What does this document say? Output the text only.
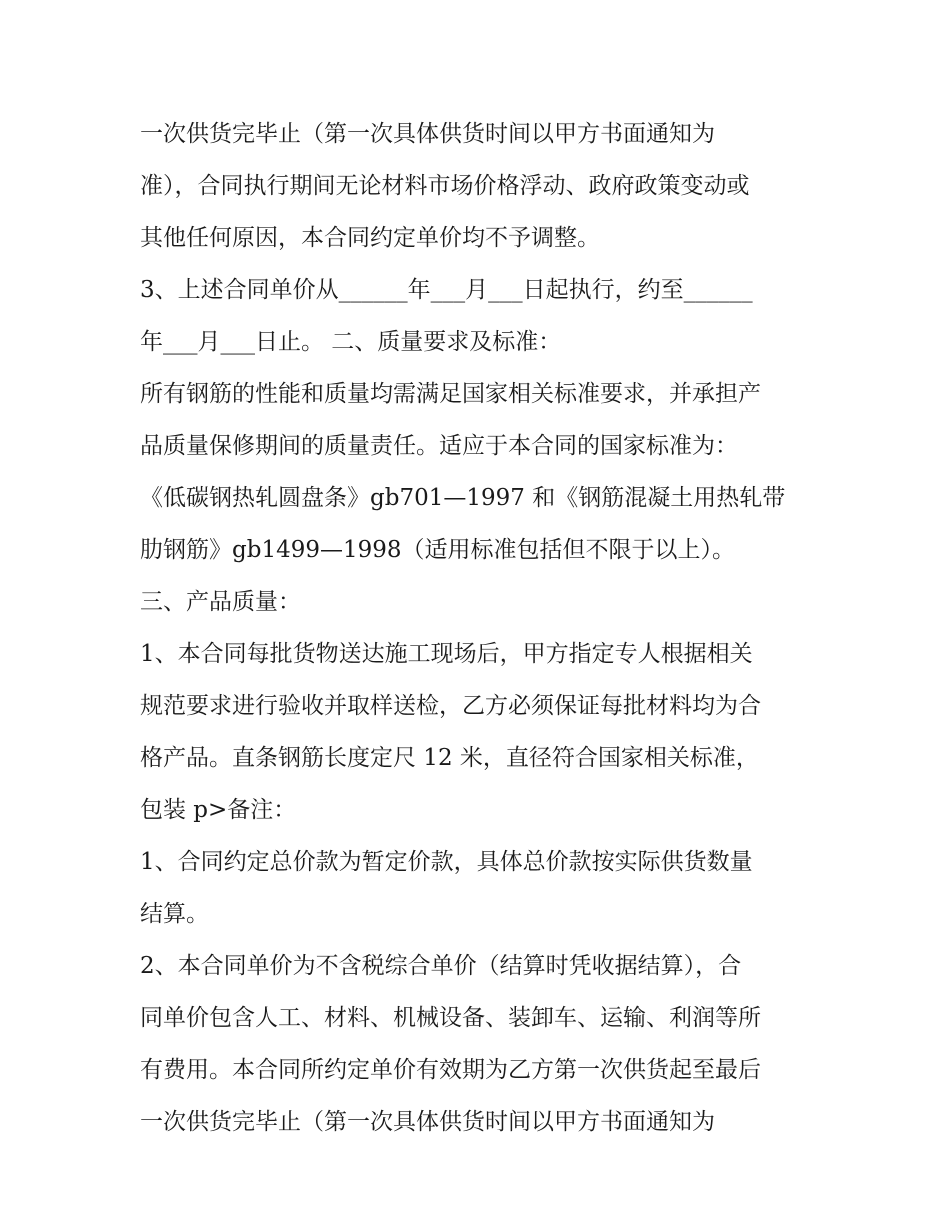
一次供货完毕止（第一次具体供货时间以甲方书面通知为
准），合同执行期间无论材料市场价格浮动、政府政策变动或
其他任何原因，本合同约定单价均不予调整。
3、上述合同单价从______年___月___日起执行，约至______
年___月___日止。 二、质量要求及标准：
所有钢筋的性能和质量均需满足国家相关标准要求，并承担产
品质量保修期间的质量责任。适应于本合同的国家标准为：
《低碳钢热轧圆盘条》gb701—1997 和《钢筋混凝土用热轧带
肋钢筋》gb1499—1998（适用标准包括但不限于以上）。
三、产品质量：
1、本合同每批货物送达施工现场后，甲方指定专人根据相关
规范要求进行验收并取样送检，乙方必须保证每批材料均为合
格产品。直条钢筋长度定尺 12 米，直径符合国家相关标准，
包装 p>备注：
1、合同约定总价款为暂定价款，具体总价款按实际供货数量
结算。
2、本合同单价为不含税综合单价（结算时凭收据结算），合
同单价包含人工、材料、机械设备、装卸车、运输、利润等所
有费用。本合同所约定单价有效期为乙方第一次供货起至最后
一次供货完毕止（第一次具体供货时间以甲方书面通知为
